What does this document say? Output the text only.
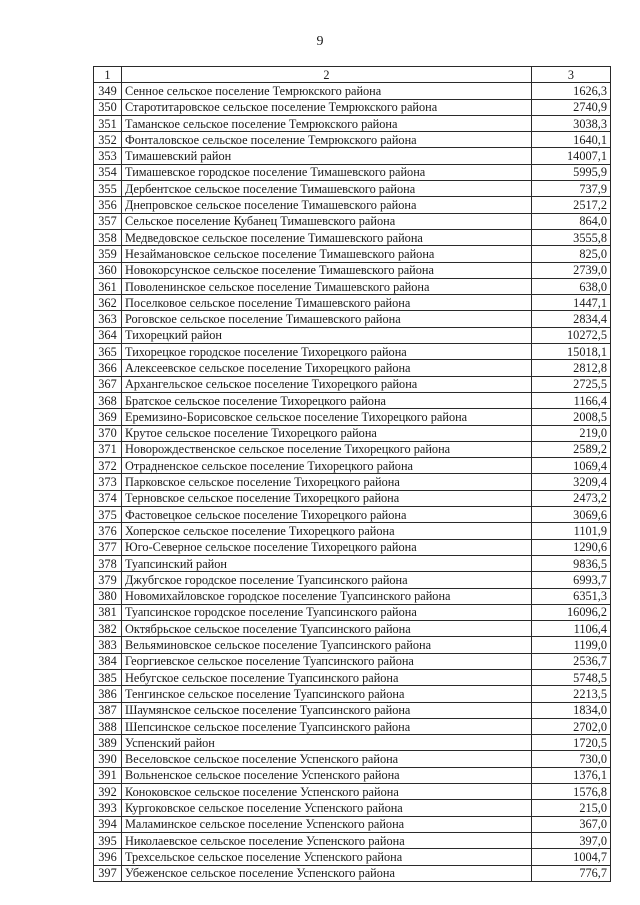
9
1	2	3
349	Сенное сельское поселение Темрюкского района	1626,3
350	Старотитаровское сельское поселение Темрюкского района	2740,9
351	Таманское сельское поселение Темрюкского района	3038,3
352	Фонталовское сельское поселение Темрюкского района	1640,1
353	Тимашевский район	14007,1
354	Тимашевское городское поселение Тимашевского района	5995,9
355	Дербентское сельское поселение Тимашевского района	737,9
356	Днепровское сельское поселение Тимашевского района	2517,2
357	Сельское поселение Кубанец Тимашевского района	864,0
358	Медведовское сельское поселение Тимашевского района	3555,8
359	Незаймановское сельское поселение Тимашевского района	825,0
360	Новокорсунское сельское поселение Тимашевского района	2739,0
361	Поволенинское сельское поселение Тимашевского района	638,0
362	Поселковое сельское поселение Тимашевского района	1447,1
363	Роговское сельское поселение Тимашевского района	2834,4
364	Тихорецкий район	10272,5
365	Тихорецкое городское поселение Тихорецкого района	15018,1
366	Алексеевское сельское поселение Тихорецкого района	2812,8
367	Архангельское сельское поселение Тихорецкого района	2725,5
368	Братское сельское поселение Тихорецкого района	1166,4
369	Еремизино-Борисовское сельское поселение Тихорецкого района	2008,5
370	Крутое сельское поселение Тихорецкого района	219,0
371	Новорождественское сельское поселение Тихорецкого района	2589,2
372	Отрадненское сельское поселение Тихорецкого района	1069,4
373	Парковское сельское поселение Тихорецкого района	3209,4
374	Терновское сельское поселение Тихорецкого района	2473,2
375	Фастовецкое сельское поселение Тихорецкого района	3069,6
376	Хоперское сельское поселение Тихорецкого района	1101,9
377	Юго-Северное сельское поселение Тихорецкого района	1290,6
378	Туапсинский район	9836,5
379	Джубгское городское поселение Туапсинского района	6993,7
380	Новомихайловское городское поселение Туапсинского района	6351,3
381	Туапсинское городское поселение Туапсинского района	16096,2
382	Октябрьское сельское поселение Туапсинского района	1106,4
383	Вельяминовское сельское поселение Туапсинского района	1199,0
384	Георгиевское сельское поселение Туапсинского района	2536,7
385	Небугское сельское поселение Туапсинского района	5748,5
386	Тенгинское сельское поселение Туапсинского района	2213,5
387	Шаумянское сельское поселение Туапсинского района	1834,0
388	Шепсинское сельское поселение Туапсинского района	2702,0
389	Успенский район	1720,5
390	Веселовское сельское поселение Успенского района	730,0
391	Вольненское сельское поселение Успенского района	1376,1
392	Коноковское сельское поселение Успенского района	1576,8
393	Кургоковское сельское поселение Успенского района	215,0
394	Маламинское сельское поселение Успенского района	367,0
395	Николаевское сельское поселение Успенского района	397,0
396	Трехсельское сельское поселение Успенского района	1004,7
397	Убеженское сельское поселение Успенского района	776,7
